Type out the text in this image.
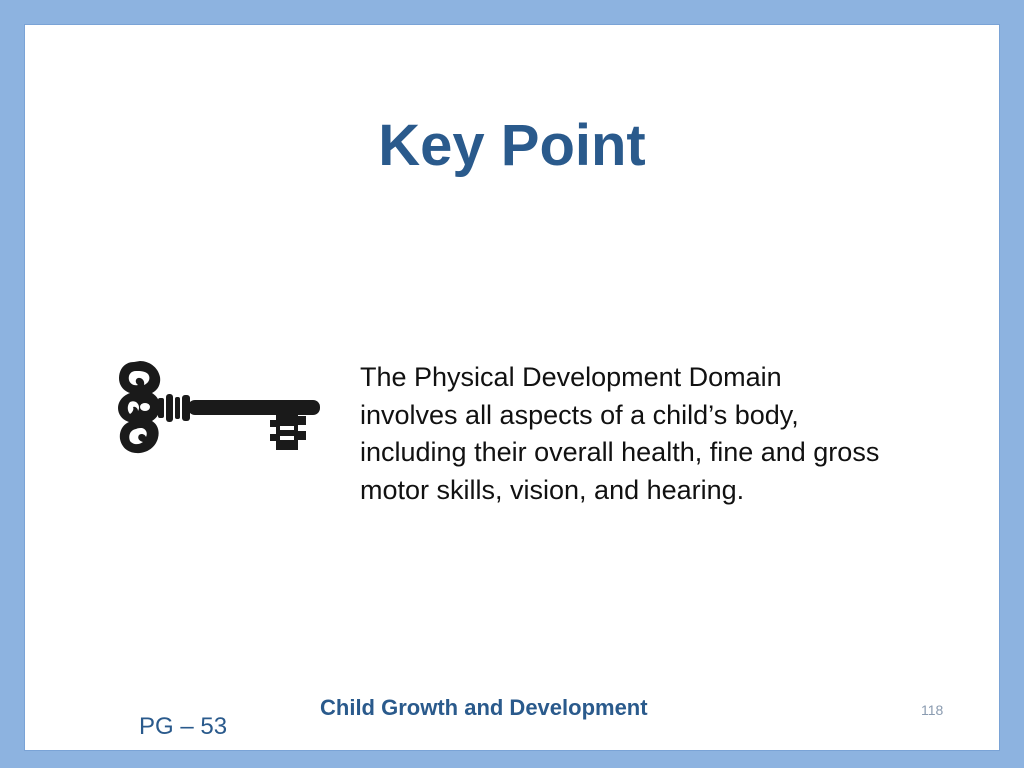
Key Point
The Physical Development Domain involves all aspects of a child’s body, including their overall health, fine and gross motor skills, vision, and hearing.
Child Growth and Development	118
PG – 53
